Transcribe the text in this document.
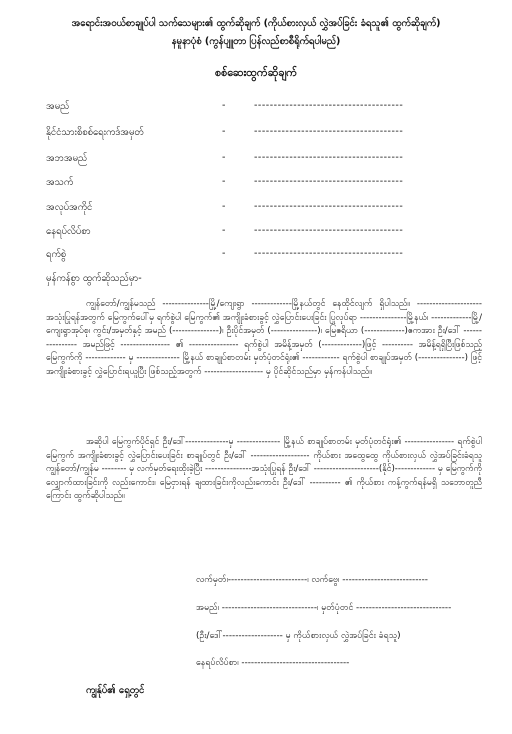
အရောင်းအဝယ်စာချုပ်ပါ သက်သေများ၏ ထွက်ဆိုချက် (ကိုယ်စားလှယ် လွှဲအပ်ခြင်း ခံရသူ၏ ထွက်ဆိုချက်)
နမူနာပုံစံ (ကွန်ပျူတာ ပြန်လည်စာစီရိုက်ရပါမည်)
စစ်ဆေးထွက်ဆိုချက်
အမည်	-	--------------------------------------
နိုင်ငံသားစိစစ်ရေးကဒ်အမှတ်	-	--------------------------------------
အဘအမည်	-	--------------------------------------
အသက်	-	--------------------------------------
အလုပ်အကိုင်	-	--------------------------------------
နေရပ်လိပ်စာ	-	--------------------------------------
ရက်စွဲ	-	--------------------------------------
မှန်ကန်စွာ ထွက်ဆိုသည်မှာ-

ကျွန်တော်/ကျွန်မသည် ---------------မြို့/ကျေးရွာ -------------မြို့နယ်တွင် နေထိုင်လျက် ရှိပါသည်။ --------------------- အသုံးပြုရန်အတွက် မြေကွက်ပေါ်မှ ရက်စွဲပါ မြေကွက်၏ အကျိုးခံစားခွင့် လွှဲပြောင်းပေးခြင်း ပြုလုပ်ရာ ---------------မြို့နယ်၊ -------------မြို့/ကျေးရွာအုပ်စု၊ ကွင်း/အမှတ်နှင့် အမည် (---------------)၊ ဦးပိုင်အမှတ် (---------------)၊ မြေဧရိယာ (-------------)ဧကအား ဦး/ဒေါ် ---------------- အမည်ဖြင့် ---------------- ၏ ---------------- ရက်စွဲပါ အမိန့်အမှတ် (-------------)ဖြင့် ---------- အမိန့်ရရှိပြီးဖြစ်သည့် မြေကွက်ကို ------------- မှ -------------- မြို့နယ် စာချုပ်စာတမ်း မှတ်ပုံတင်ရုံး၏ ------------ ရက်စွဲပါ စာချုပ်အမှတ် (---------------) ဖြင့် အကျိုးခံစားခွင့် လွှဲပြောင်းရယူပြီး ဖြစ်သည့်အတွက် ------------------- မှ ပိုင်ဆိုင်သည်မှာ မှန်ကန်ပါသည်။

အဆိုပါ မြေကွက်ပိုင်ရှင် ဦး/ဒေါ်--------------မှ -------------- မြို့နယ် စာချုပ်စာတမ်း မှတ်ပုံတင်ရုံး၏ ---------------- ရက်စွဲပါ မြေကွက် အကျိုးခံစားခွင့် လွှဲပြောင်းပေးခြင်း စာချုပ်တွင် ဦး/ဒေါ် ------------------- ကိုယ်စား အထွေထွေ ကိုယ်စားလှယ် လွှဲအပ်ခြင်းခံရသူ ကျွန်တော်/ကျွန်မ -------- မှ လက်မှတ်ရေးထိုးခဲ့ပြီး ---------------အသုံးပြုရန် ဦး/ဒေါ် ---------------------(နိုင်)------------- မှ မြေကွက်ကို လျှောက်ထားခြင်းကို လည်းကောင်း၊ မြေငှားရန် ချထားခြင်းကိုလည်းကောင်း ဦး/ဒေါ် ---------- ၏ ကိုယ်စား ကန့်ကွက်ရန်မရှိ သဘောတူညီကြောင်း ထွက်ဆိုပါသည်။

လက်မှတ်၊-------------------------၊ လက်ဗွေ၊ ---------------------------
အမည်၊ ------------------------------၊ မှတ်ပုံတင် ------------------------------
(ဦး/ဒေါ်------------------- မှ ကိုယ်စားလှယ် လွှဲအပ်ခြင်း ခံရသူ)
နေရပ်လိပ်စာ၊ ----------------------------------
ကျွန်ုပ်၏ ရှေ့တွင်
